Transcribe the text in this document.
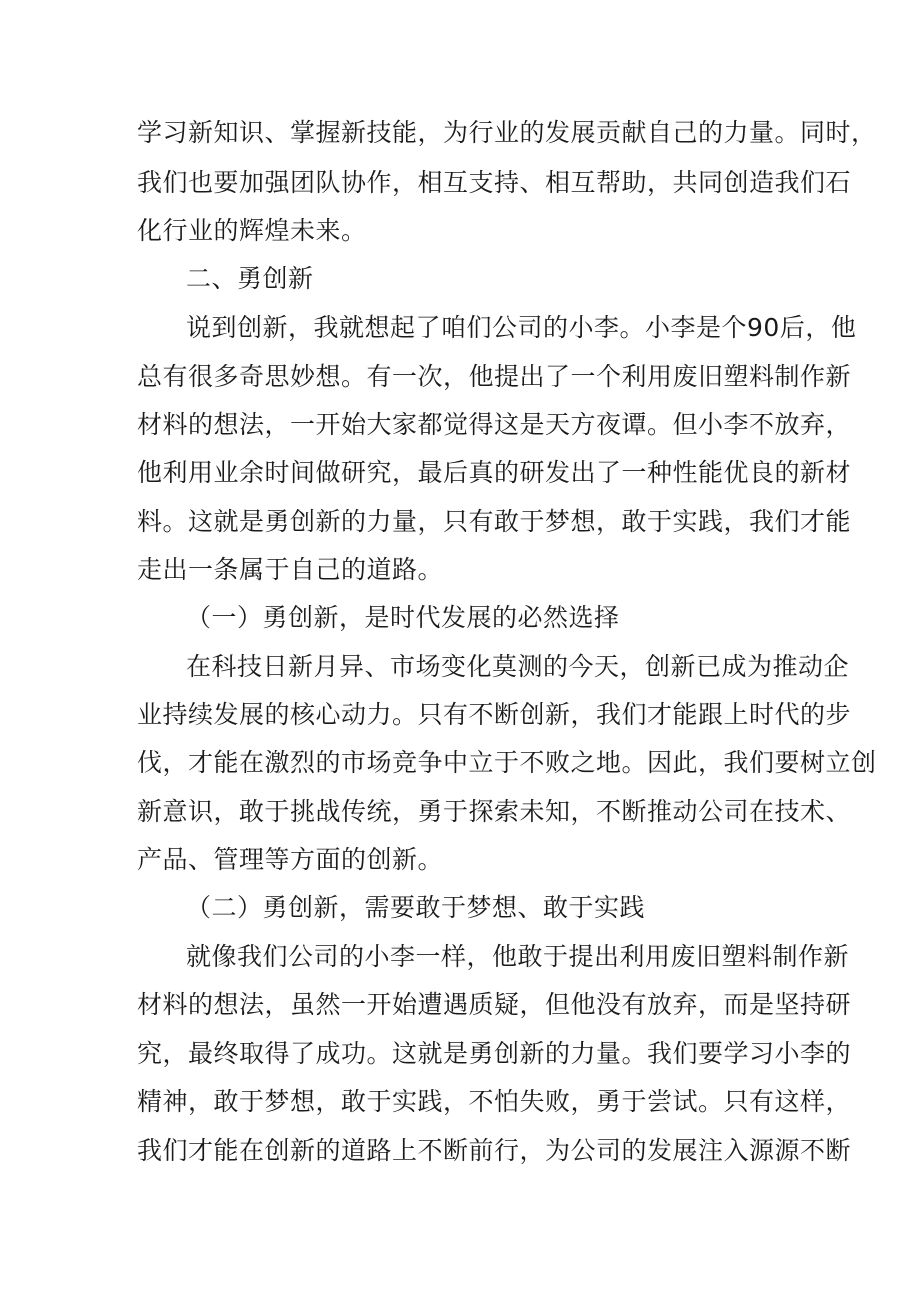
学习新知识、掌握新技能，为行业的发展贡献自己的力量。同时，
我们也要加强团队协作，相互支持、相互帮助，共同创造我们石
化行业的辉煌未来。
二、勇创新
说到创新，我就想起了咱们公司的小李。小李是个90后，他
总有很多奇思妙想。有一次，他提出了一个利用废旧塑料制作新
材料的想法，一开始大家都觉得这是天方夜谭。但小李不放弃，
他利用业余时间做研究，最后真的研发出了一种性能优良的新材
料。这就是勇创新的力量，只有敢于梦想，敢于实践，我们才能
走出一条属于自己的道路。
（一）勇创新，是时代发展的必然选择
在科技日新月异、市场变化莫测的今天，创新已成为推动企
业持续发展的核心动力。只有不断创新，我们才能跟上时代的步
伐，才能在激烈的市场竞争中立于不败之地。因此，我们要树立创
新意识，敢于挑战传统，勇于探索未知，不断推动公司在技术、
产品、管理等方面的创新。
（二）勇创新，需要敢于梦想、敢于实践
就像我们公司的小李一样，他敢于提出利用废旧塑料制作新
材料的想法，虽然一开始遭遇质疑，但他没有放弃，而是坚持研
究，最终取得了成功。这就是勇创新的力量。我们要学习小李的
精神，敢于梦想，敢于实践，不怕失败，勇于尝试。只有这样，
我们才能在创新的道路上不断前行，为公司的发展注入源源不断
